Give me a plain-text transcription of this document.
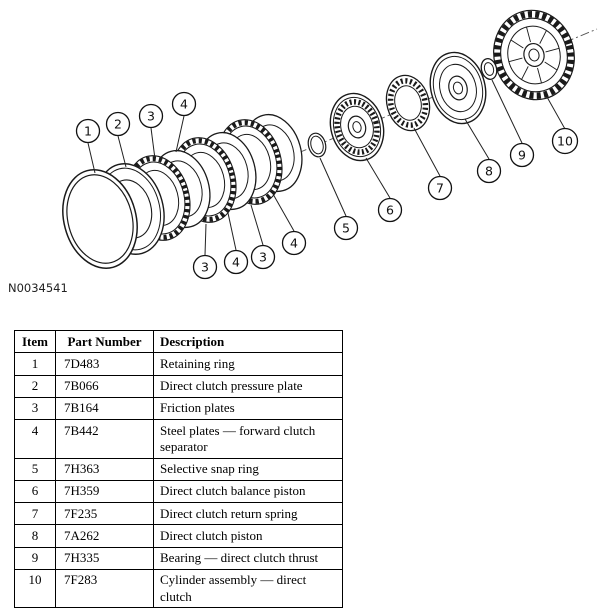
1 2
3
4
3 4 3
4
5
6
7
8
9
10
N0034541
Item	Part Number	Description
1	7D483	Retaining ring
2	7B066	Direct clutch pressure plate
3	7B164	Friction plates
4	7B442	Steel plates — forward clutch separator
5	7H363	Selective snap ring
6	7H359	Direct clutch balance piston
7	7F235	Direct clutch return spring
8	7A262	Direct clutch piston
9	7H335	Bearing — direct clutch thrust
10	7F283	Cylinder assembly — direct clutch
